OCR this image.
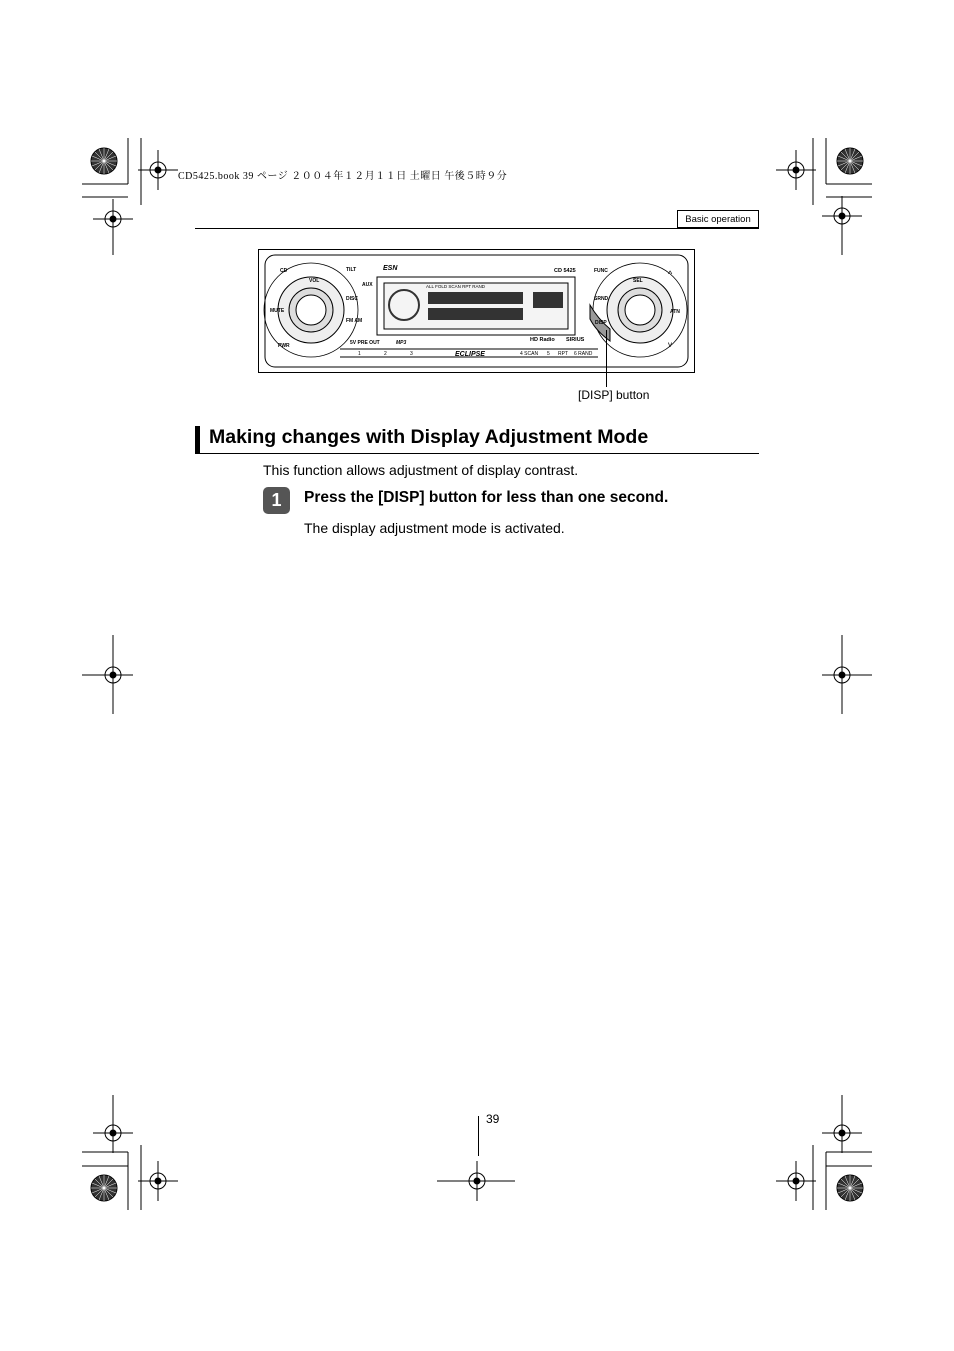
CD5425.book 39 ページ ２００４年１２月１１日 土曜日 午後５時９分
Basic operation
CD
VOL
MUTE
PWR
DISC
FM AM
AUX
TILT
SEL
SRND
DISP
ATN
FUNC
CD 5425
ESN
ALL FOLD SCAN RPT RAND
ECLIPSE
HD Radio SIRIUS
5V PRE OUT	MP3
1	2	3	4 SCAN 5 RPT 6 RAND
^
v
[DISP] button
Making changes with Display Adjustment Mode
This function allows adjustment of display contrast.
1	Press the [DISP] button for less than one second.
The display adjustment mode is activated.
39
